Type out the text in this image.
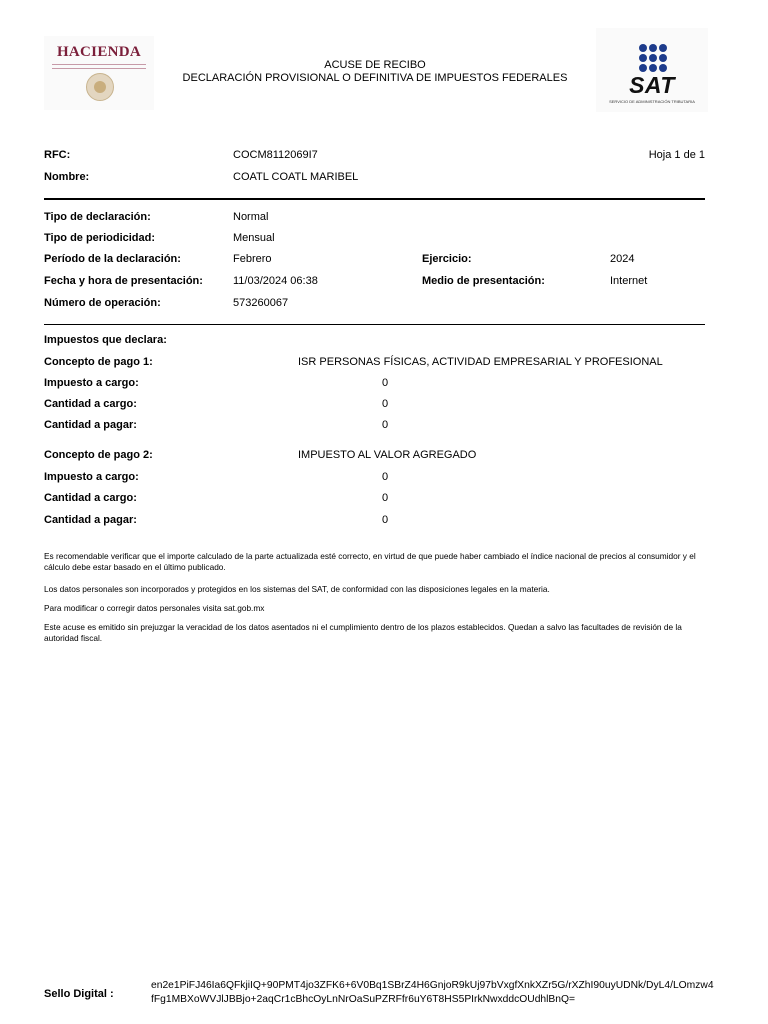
HACIENDA
ACUSE DE RECIBO
DECLARACIÓN PROVISIONAL O DEFINITIVA DE IMPUESTOS FEDERALES	SAT
SERVICIO DE ADMINISTRACIÓN TRIBUTARIA
RFC:	COCM8112069I7	Hoja 1 de 1
Nombre:	COATL COATL MARIBEL
Tipo de declaración:	Normal
Tipo de periodicidad:	Mensual
Período de la declaración:	Febrero	Ejercicio:	2024
Fecha y hora de presentación:	11/03/2024 06:38	Medio de presentación:	Internet
Número de operación:	573260067
Impuestos que declara:
Concepto de pago 1:	ISR PERSONAS FÍSICAS, ACTIVIDAD EMPRESARIAL Y PROFESIONAL
Impuesto a cargo:	0
Cantidad a cargo:	0
Cantidad a pagar:	0
Concepto de pago 2:	IMPUESTO AL VALOR AGREGADO
Impuesto a cargo:	0
Cantidad a cargo:	0
Cantidad a pagar:	0
Es recomendable verificar que el importe calculado de la parte actualizada esté correcto, en virtud de que puede haber cambiado el índice nacional de precios al consumidor y el cálculo debe estar basado en el último publicado.
Los datos personales son incorporados y protegidos en los sistemas del SAT, de conformidad con las disposiciones legales en la materia.
Para modificar o corregir datos personales visita sat.gob.mx
Este acuse es emitido sin prejuzgar la veracidad de los datos asentados ni el cumplimiento dentro de los plazos establecidos. Quedan a salvo las facultades de revisión de la autoridad fiscal.
Sello Digital :
en2e1PiFJ46Ia6QFkjiIQ+90PMT4jo3ZFK6+6V0Bq1SBrZ4H6GnjoR9kUj97bVxgfXnkXZr5G/rXZhI90uyUDNk/DyL4/LOmzw4
fFg1MBXoWVJlJBBjo+2aqCr1cBhcOyLnNrOaSuPZRFfr6uY6T8HS5PIrkNwxddcOUdhlBnQ=
